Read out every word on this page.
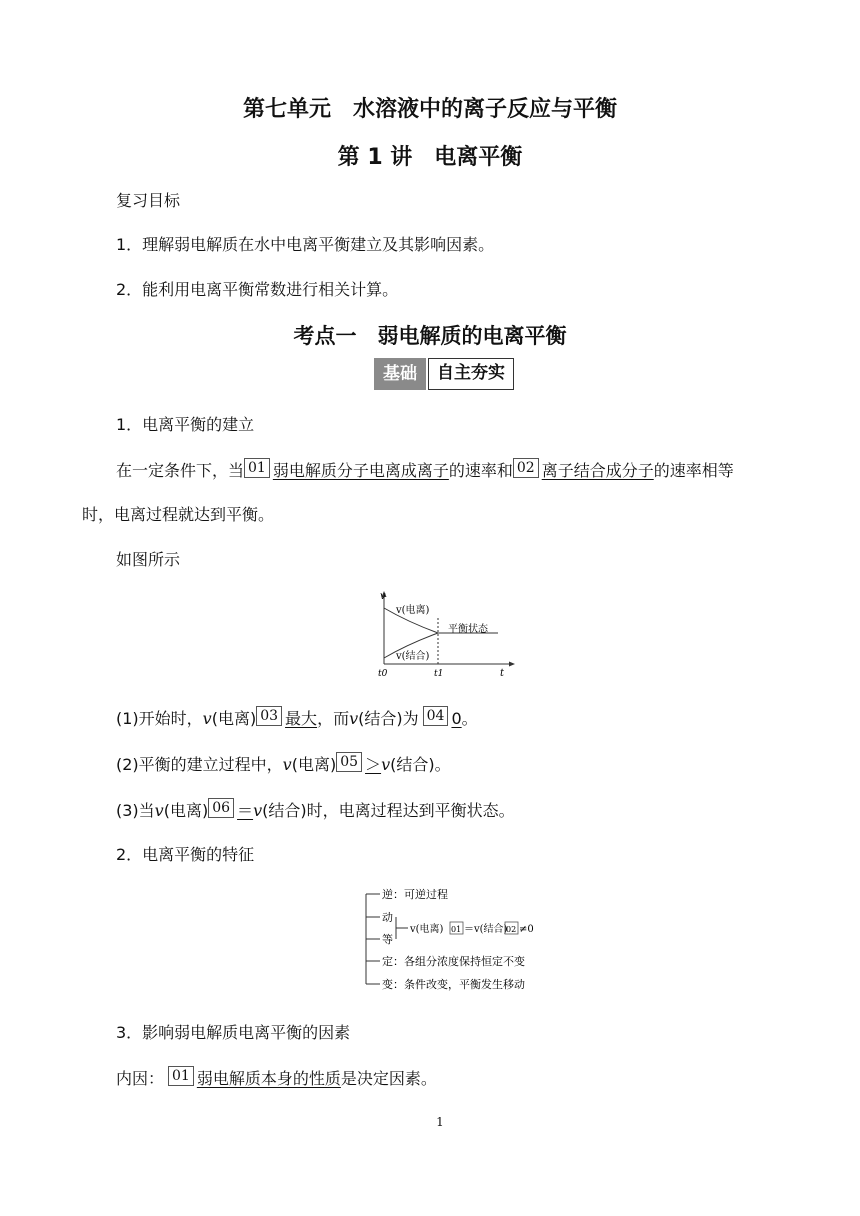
第七单元　水溶液中的离子反应与平衡
第 1 讲　电离平衡
复习目标
1．理解弱电解质在水中电离平衡建立及其影响因素。
2．能利用电离平衡常数进行相关计算。
考点一　弱电解质的电离平衡
基础	自主夯实
1．电离平衡的建立
在一定条件下，当 01 弱电解质分子电离成离子的速率和 02 离子结合成分子的速率相等
时，电离过程就达到平衡。
如图所示
v
v(电离)
平衡状态
v(结合)
t0	t1	t
(1)开始时，v(电离) 03 最大，而v(结合)为 04 0。
(2)平衡的建立过程中，v(电离) 05 ＞v(结合)。
(3)当v(电离) 06 ＝v(结合)时，电离过程达到平衡状态。
2．电离平衡的特征
逆：可逆过程
动
等
v(电离) 01 ＝v(结合)
02 ≠0
定：各组分浓度保持恒定不变
变：条件改变，平衡发生移动
3．影响弱电解质电离平衡的因素
内因： 01 弱电解质本身的性质是决定因素。
1
